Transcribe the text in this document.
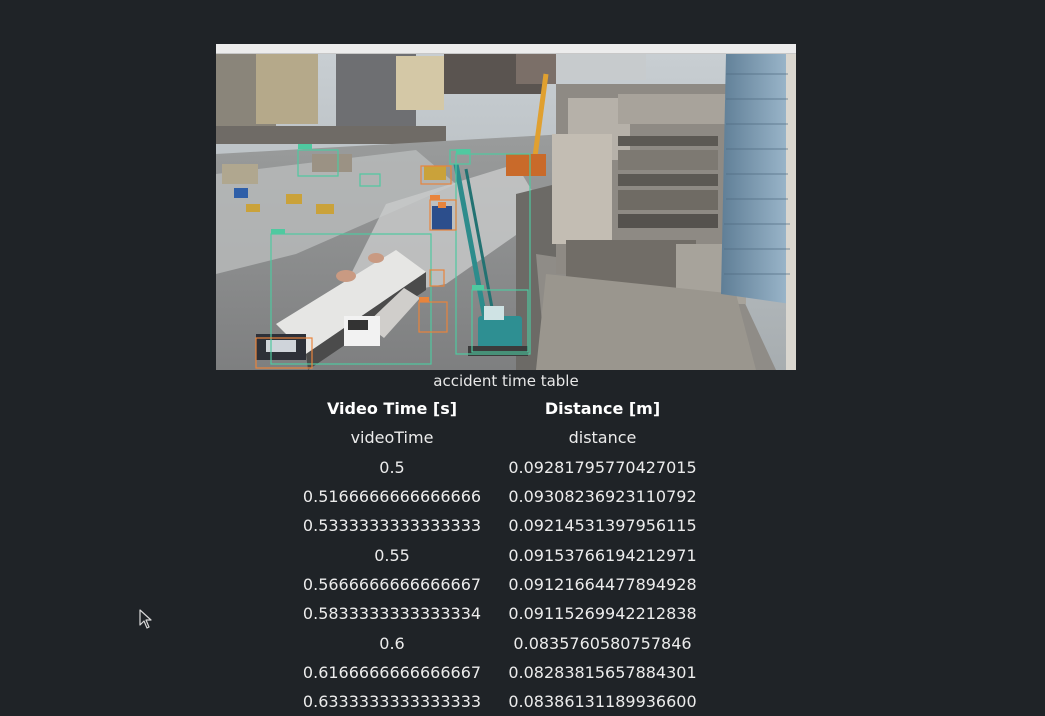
accident time table
Video Time [s]	Distance [m]
videoTime	distance
0.5	0.09281795770427015
0.5166666666666666	0.09308236923110792
0.5333333333333333	0.09214531397956115
0.55	0.09153766194212971
0.5666666666666667	0.09121664477894928
0.5833333333333334	0.09115269942212838
0.6	0.0835760580757846
0.6166666666666667	0.08283815657884301
0.6333333333333333	0.08386131189936600
